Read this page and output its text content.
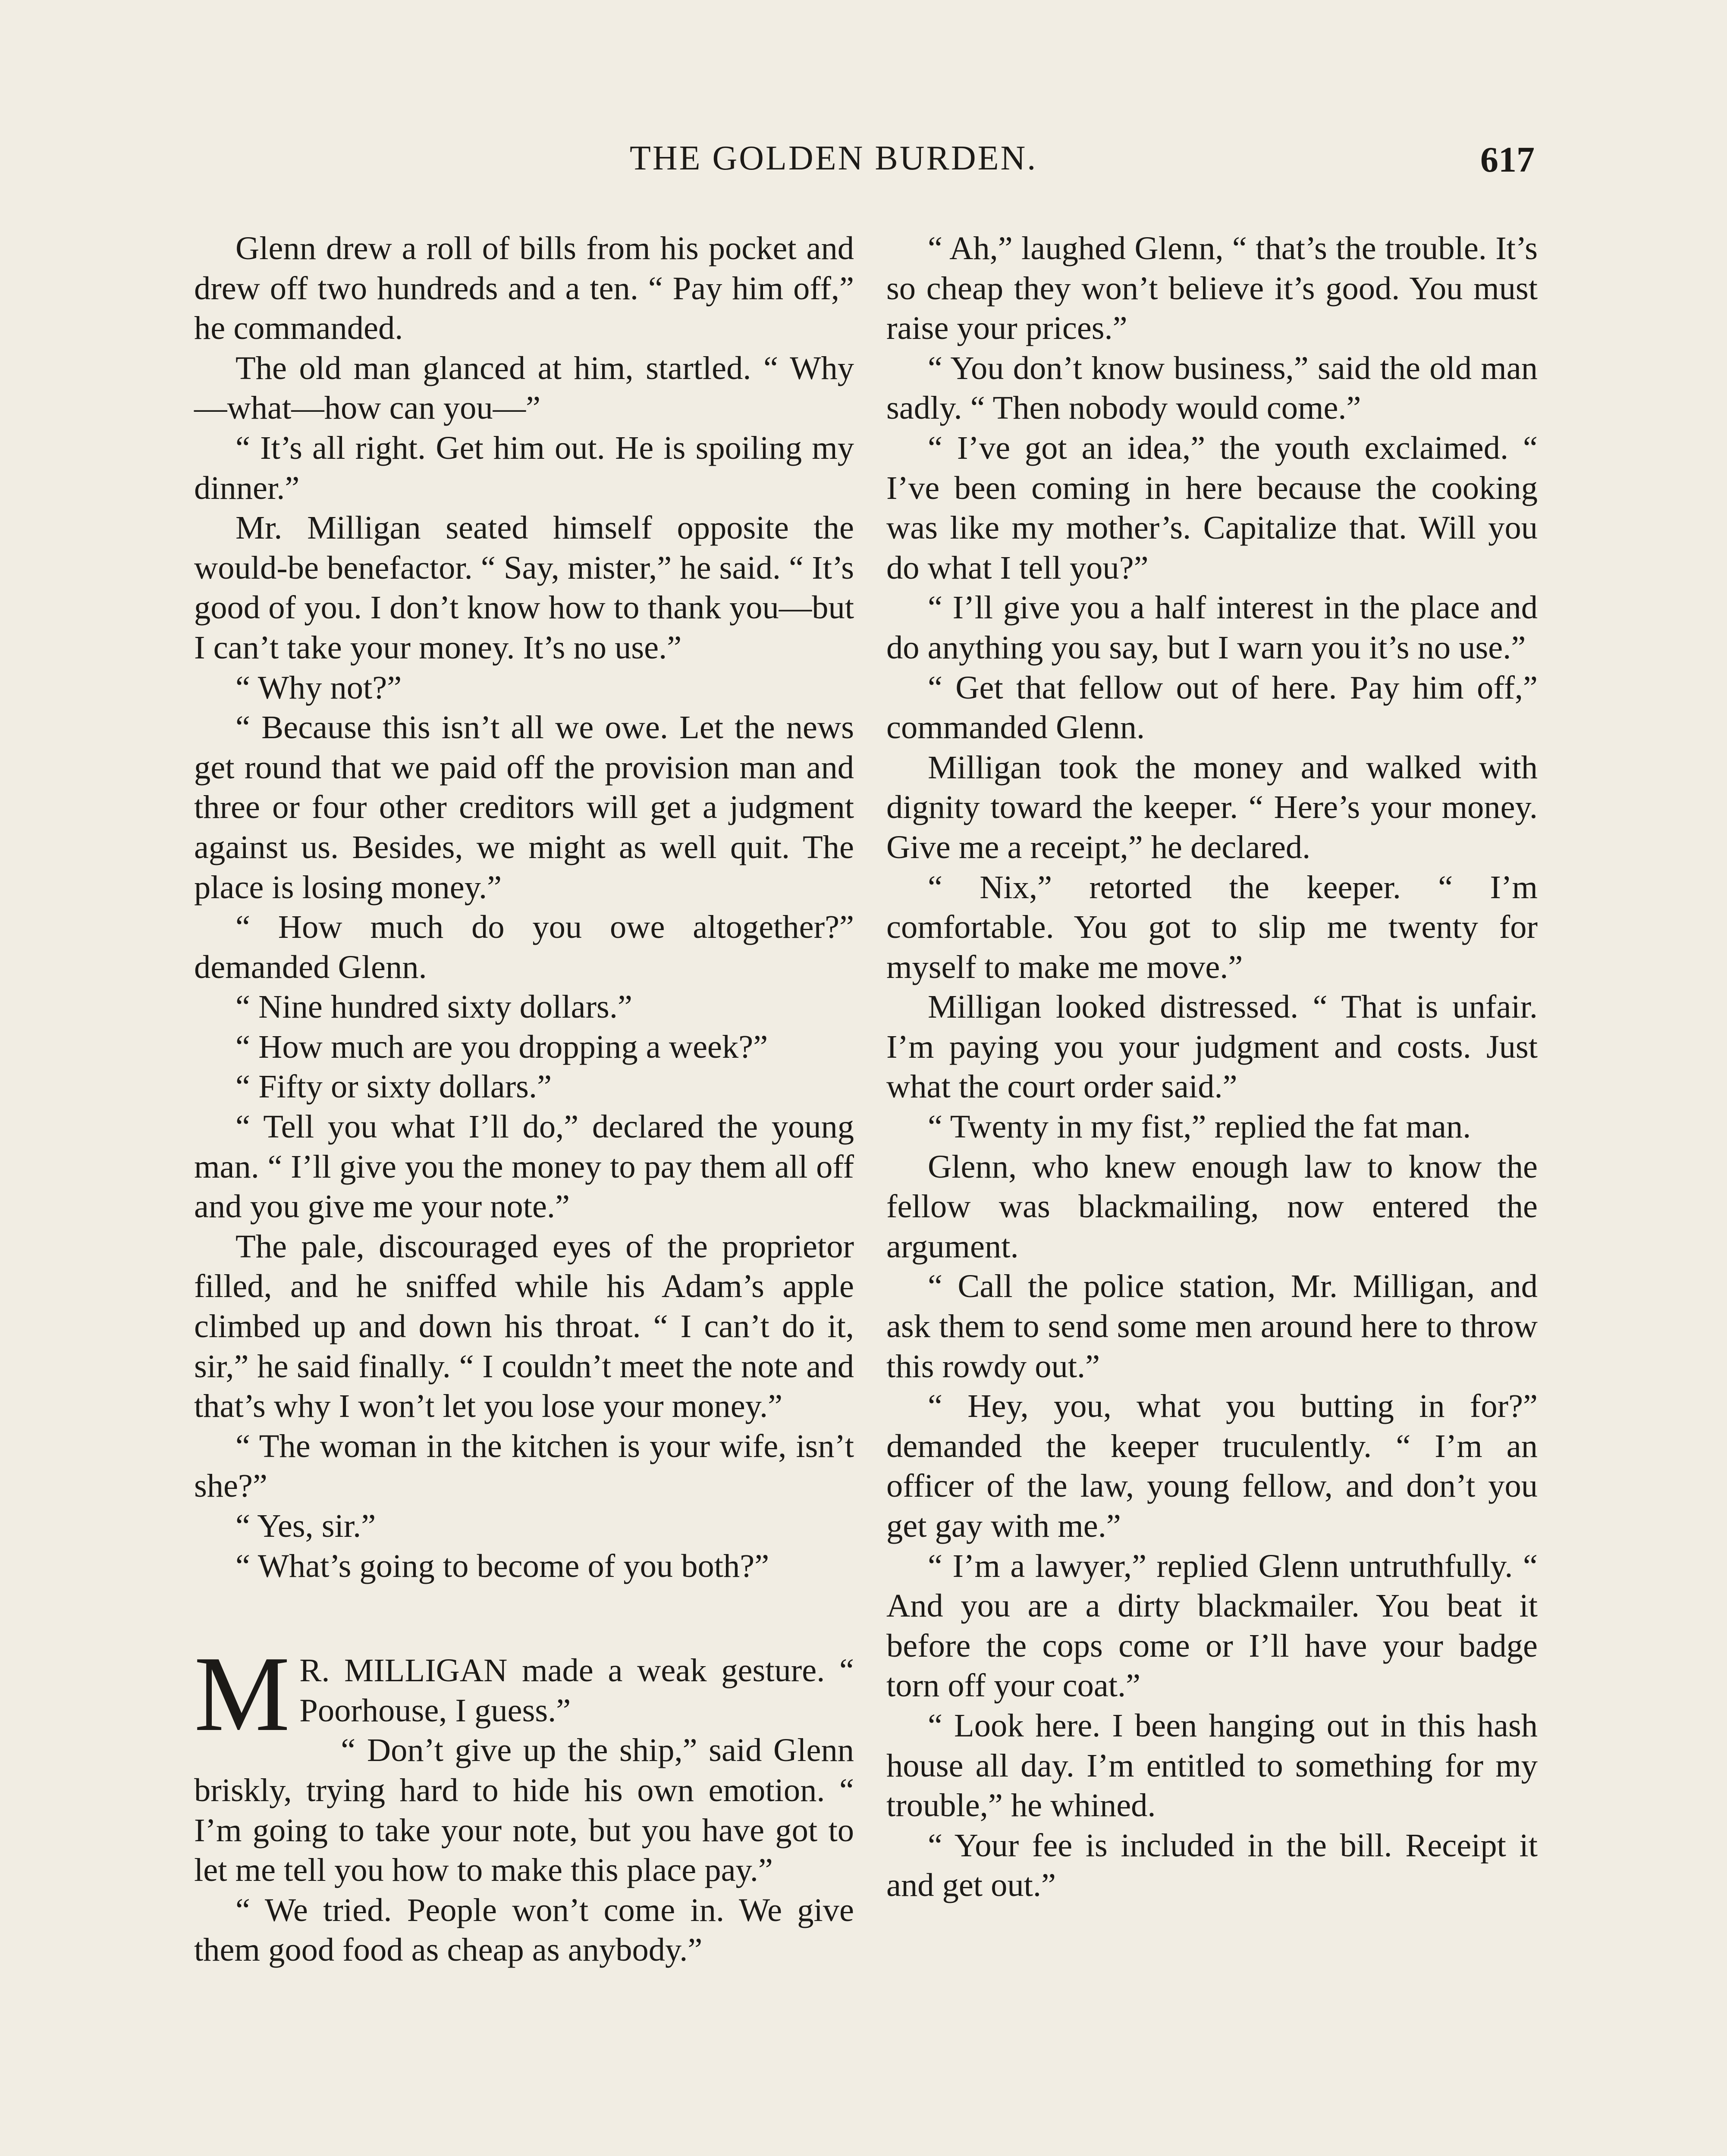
THE GOLDEN BURDEN.	617

Glenn drew a roll of bills from his pocket and drew off two hundreds and a ten. “ Pay him off,” he commanded.

The old man glanced at him, startled. “ Why—what—how can you—”

“ It’s all right. Get him out. He is spoiling my dinner.”

Mr. Milligan seated himself opposite the would-be benefactor. “ Say, mister,” he said. “ It’s good of you. I don’t know how to thank you—but I can’t take your money. It’s no use.”

“ Why not?”

“ Because this isn’t all we owe. Let the news get round that we paid off the provision man and three or four other creditors will get a judgment against us. Besides, we might as well quit. The place is losing money.”

“ How much do you owe altogether?” demanded Glenn.

“ Nine hundred sixty dollars.”

“ How much are you dropping a week?”

“ Fifty or sixty dollars.”

“ Tell you what I’ll do,” declared the young man. “ I’ll give you the money to pay them all off and you give me your note.”

The pale, discouraged eyes of the proprietor filled, and he sniffed while his Adam’s apple climbed up and down his throat. “ I can’t do it, sir,” he said finally. “ I couldn’t meet the note and that’s why I won’t let you lose your money.”

“ The woman in the kitchen is your wife, isn’t she?”

“ Yes, sir.”

“ What’s going to become of you both?”

M R. MILLIGAN made a weak gesture. “ Poorhouse, I guess.”

“ Don’t give up the ship,” said Glenn briskly, trying hard to hide his own emotion. “ I’m going to take your note, but you have got to let me tell you how to make this place pay.”

“ We tried. People won’t come in. We give them good food as cheap as anybody.”

“ Ah,” laughed Glenn, “ that’s the trouble. It’s so cheap they won’t believe it’s good. You must raise your prices.”

“ You don’t know business,” said the old man sadly. “ Then nobody would come.”

“ I’ve got an idea,” the youth exclaimed. “ I’ve been coming in here because the cooking was like my mother’s. Capitalize that. Will you do what I tell you?”

“ I’ll give you a half interest in the place and do anything you say, but I warn you it’s no use.”

“ Get that fellow out of here. Pay him off,” commanded Glenn.

Milligan took the money and walked with dignity toward the keeper. “ Here’s your money. Give me a receipt,” he declared.

“ Nix,” retorted the keeper. “ I’m comfortable. You got to slip me twenty for myself to make me move.”

Milligan looked distressed. “ That is unfair. I’m paying you your judgment and costs. Just what the court order said.”

“ Twenty in my fist,” replied the fat man.

Glenn, who knew enough law to know the fellow was blackmailing, now entered the argument.

“ Call the police station, Mr. Milligan, and ask them to send some men around here to throw this rowdy out.”

“ Hey, you, what you butting in for?” demanded the keeper truculently. “ I’m an officer of the law, young fellow, and don’t you get gay with me.”

“ I’m a lawyer,” replied Glenn untruthfully. “ And you are a dirty blackmailer. You beat it before the cops come or I’ll have your badge torn off your coat.”

“ Look here. I been hanging out in this hash house all day. I’m entitled to something for my trouble,” he whined.

“ Your fee is included in the bill. Receipt it and get out.”
